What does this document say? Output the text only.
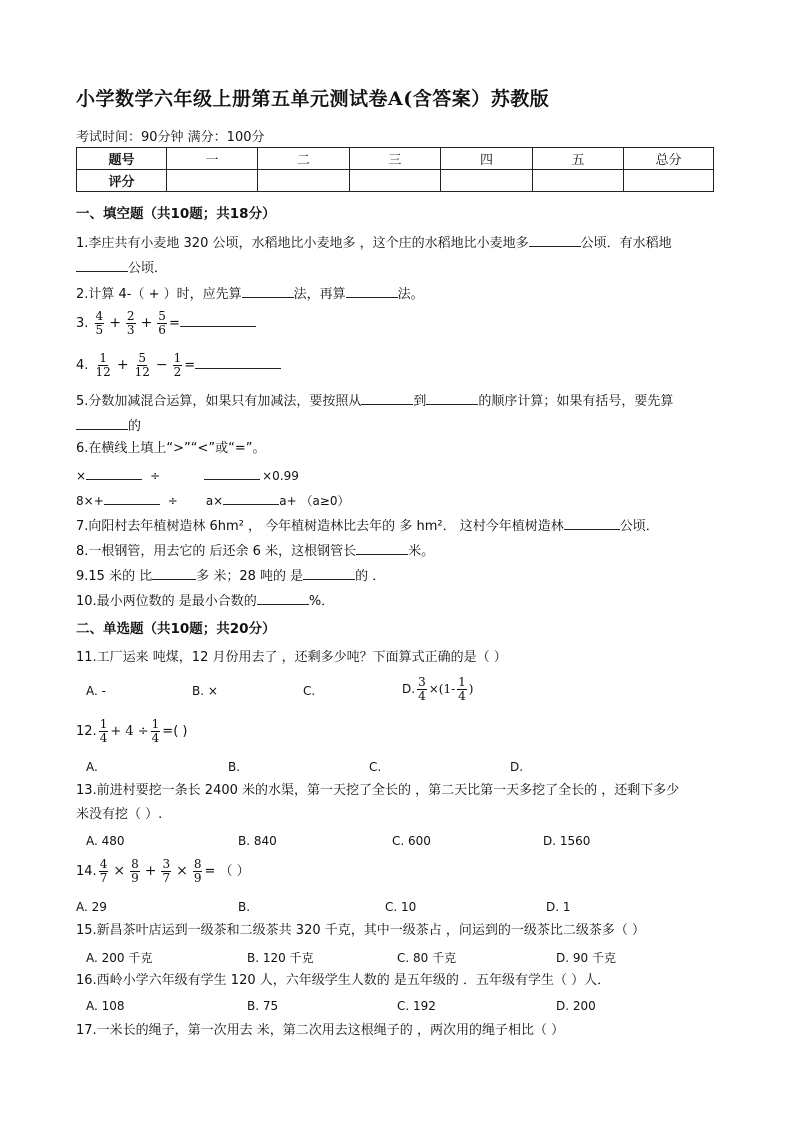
小学数学六年级上册第五单元测试卷A(含答案）苏教版
考试时间：90分钟 满分：100分
题号	一	二	三	四	五	总分
评分						
一、填空题（共10题；共18分）
1.李庄共有小麦地 320 公顷，水稻地比小麦地多 ，这个庄的水稻地比小麦地多	公顷．有水稻地
公顷．
2.计算 4-（ + ）时，应先算	法，再算	法。
3. $\frac{4}{5} + \frac{2}{3} + \frac{5}{6}$ =
4. $\frac{1}{12} + \frac{5}{12} - \frac{1}{2}$ =
5.分数加减混合运算，如果只有加减法，要按照从	到	的顺序计算；如果有括号，要先算
的
6.在横线上填上“>”“<”或“=”。
×	÷	×0.99
8×+	÷ a×	a+ （a≥0）
7.向阳村去年植树造林 6hm² ， 今年植树造林比去年的 多 hm²． 这村今年植树造林	公顷．
8.一根钢管，用去它的 后还余 6 米，这根钢管长	米。
9.15 米的 比	多 米；28 吨的 是	的 ．
10.最小两位数的 是最小合数的	%．
二、单选题（共10题；共20分）
11.工厂运来 吨煤，12 月份用去了 ，还剩多少吨？下面算式正确的是（ ）
A. -	B. ×	C.	D. $\frac{3}{4} \times(1- \frac{1}{4}$ )
12. $\frac{1}{4} + 4 \div \frac{1}{4}$ =( )
A.	B.	C.	D.
13.前进村要挖一条长 2400 米的水渠，第一天挖了全长的 ，第二天比第一天多挖了全长的 ，还剩下多少
米没有挖（ ）.
A. 480	B. 840	C. 600	D. 1560
14. $\frac{4}{7} \times \frac{8}{9} + \frac{3}{7} \times \frac{8}{9}$ = （ ）
A. 29	B.	C. 10	D. 1
15.新昌茶叶店运到一级茶和二级茶共 320 千克，其中一级茶占 ，问运到的一级茶比二级茶多（ ）
A. 200 千克	B. 120 千克	C. 80 千克	D. 90 千克
16.西岭小学六年级有学生 120 人，六年级学生人数的 是五年级的 ．五年级有学生（ ）人．
A. 108	B. 75	C. 192	D. 200
17.一米长的绳子，第一次用去 米，第二次用去这根绳子的 ，两次用的绳子相比（ ）
